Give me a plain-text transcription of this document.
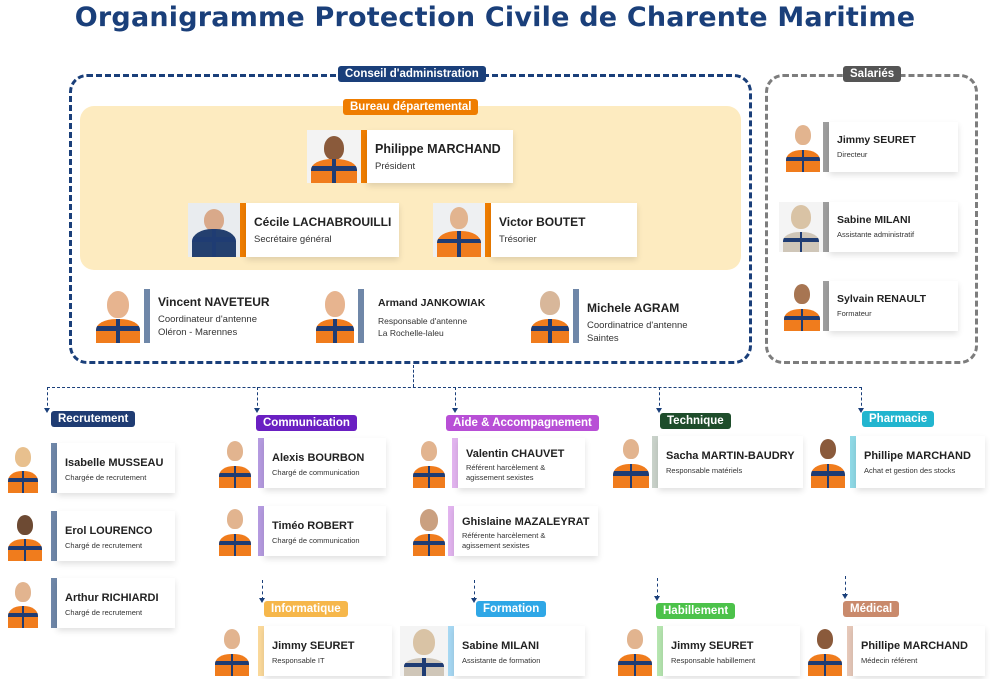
Organigramme Protection Civile de Charente Maritime
Conseil d'administration
Bureau départemental
Salariés
Philippe MARCHAND
Président
Cécile LACHABROUILLI
Secrétaire général
Victor BOUTET
Trésorier
Vincent NAVETEUR
Coordinateur d'antenne
Oléron - Marennes
Armand JANKOWIAK
Responsable d'antenne
La Rochelle-laleu
Michele AGRAM
Coordinatrice d'antenne
Saintes
Jimmy SEURET
Directeur
Sabine MILANI
Assistante administratif
Sylvain RENAULT
Formateur
Recrutement	Communication	Aide & Accompagnement	Technique	Pharmacie
Isabelle MUSSEAU
Chargée de recrutement
Erol LOURENCO
Chargé de recrutement
Arthur RICHIARDI
Chargé de recrutement
Alexis BOURBON
Chargé de communication
Timéo ROBERT
Chargé de communication
Valentin CHAUVET
Référent harcèlement &
agissement sexistes
Ghislaine MAZALEYRAT
Référente harcèlement &
agissement sexistes
Sacha MARTIN-BAUDRY
Responsable matériels
Phillipe MARCHAND
Achat et gestion des stocks
Informatique	Formation	Habillement	Médical
Jimmy SEURET
Responsable IT
Sabine MILANI
Assistante de formation
Jimmy SEURET
Responsable habillement
Phillipe MARCHAND
Médecin référent
